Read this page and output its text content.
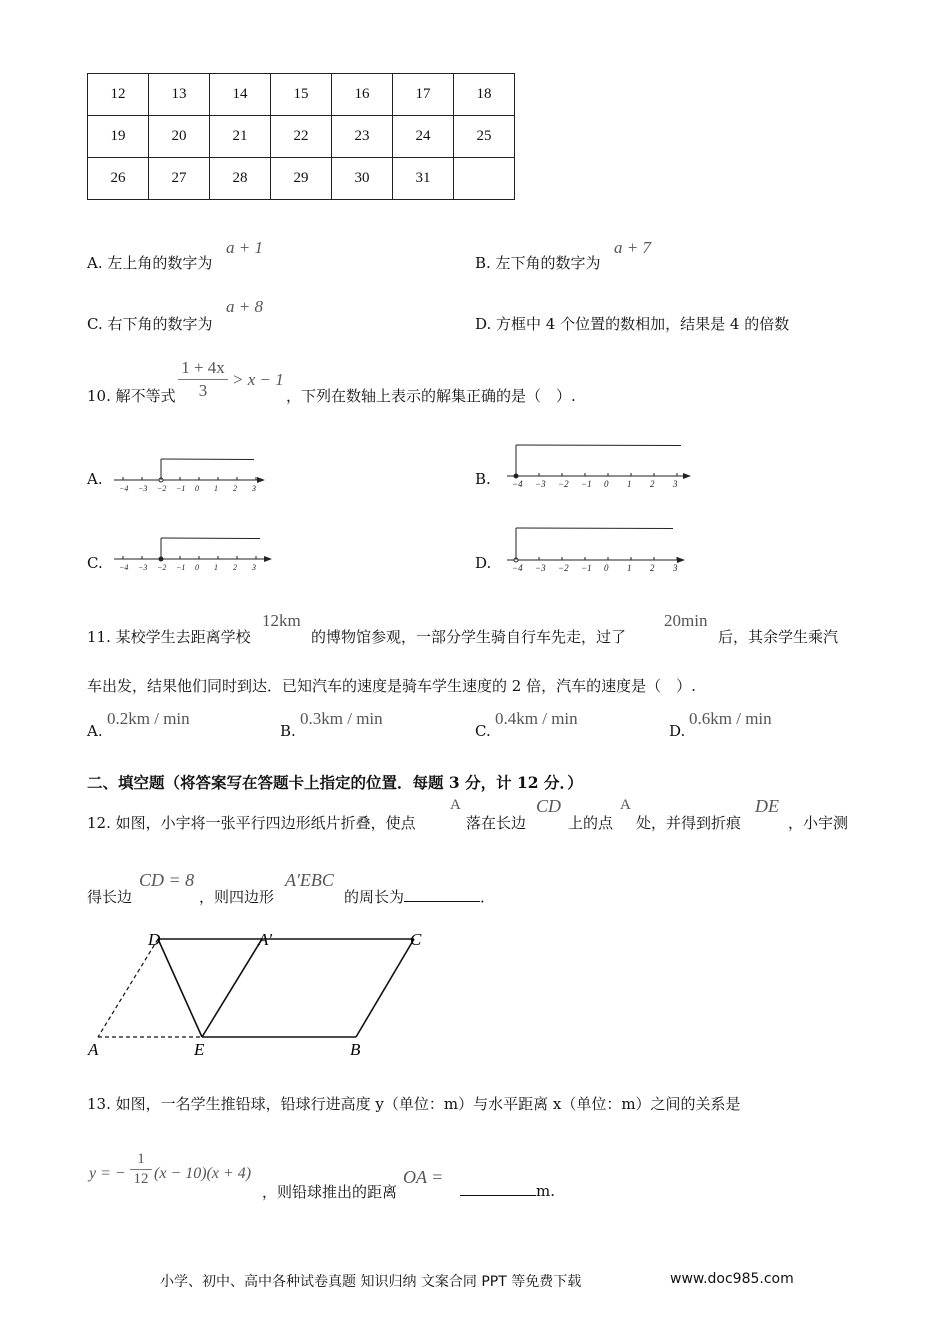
12	13	14	15	16	17	18
19	20	21	22	23	24	25
26	27	28	29	30	31	
A. 左上角的数字为
a + 1
B. 左下角的数字为
a + 7
C. 右下角的数字为
a + 8
D. 方框中 4 个位置的数相加，结果是 4 的倍数
10. 解不等式
1 + 4x
3
> x − 1
，下列在数轴上表示的解集正确的是（　）.
A.	B.
C.	D.
−4 −3 −2 −1 0 1 2 3	−4 −3 −2 −1 0 1 2 3
−4 −3 −2 −1 0 1 2 3	−4 −3 −2 −1 0 1 2 3
11. 某校学生去距离学校
12km
的博物馆参观，一部分学生骑自行车先走，过了
20min
后，其余学生乘汽
车出发，结果他们同时到达．已知汽车的速度是骑车学生速度的 2 倍，汽车的速度是（　）.
A.
0.2km / min
B.
0.3km / min
C.
0.4km / min
D.
0.6km / min
二、填空题（将答案写在答题卡上指定的位置．每题 3 分，计 12 分．）
12. 如图，小宇将一张平行四边形纸片折叠，使点
A
落在长边
CD
上的点
A
处，并得到折痕
DE
，小宇测
得长边
CD = 8
，则四边形
A′EBC
的周长为	．
D	A′	C
A	E	B
13. 如图，一名学生推铅球，铅球行进高度 y（单位：m）与水平距离 x（单位：m）之间的关系是
y = −
1
12 (x − 10)(x + 4)
，则铅球推出的距离
OA =
m.
小学、初中、高中各种试卷真题 知识归纳 文案合同 PPT 等免费下载	www.doc985.com
